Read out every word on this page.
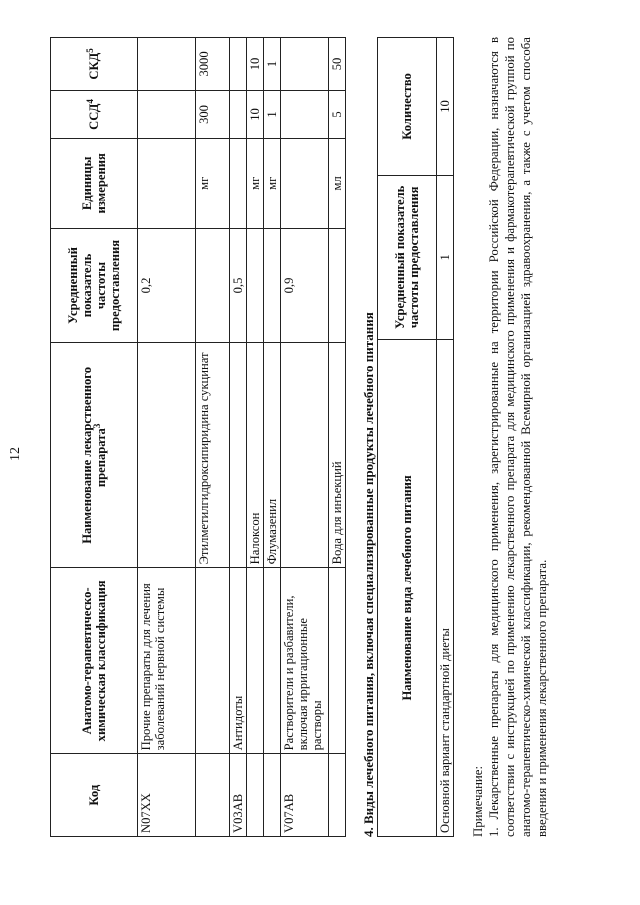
12
Код	Анатомо-терапевтическо-химическая классификация	Наименование лекарственного препарата$^3$	Усредненный показатель частоты предоставления	Единицы измерения	ССД$^4$	СКД$^5$
N07XX	Прочие препараты для лечения заболеваний нервной системы		0,2			
		Этилметилгидроксипиридина сукцинат		мг	300	3000
V03AB	Антидоты		0,5			
		Налоксон		мг	10	10
		Флумазенил		мг	1	1
V07AB	Растворители и разбавители, включая ирригационные растворы		0,9			
		Вода для инъекций		мл	5	50
4. Виды лечебного питания, включая специализированные продукты лечебного питания Наименование вида лечебного питания	Усредненный показатель частоты предоставления	Количество
Основной вариант стандартной диеты	1	10

Примечание: 1. Лекарственные препараты для медицинского применения, зарегистрированные на территории Российской Федерации, назначаются в соответствии с инструкцией по применению лекарственного препарата для медицинского применения и фармакотерапевтической группой по анатомо-терапевтическо-химической классификации, рекомендованной Всемирной организацией здравоохранения, а также с учетом способа введения и применения лекарственного препарата.
